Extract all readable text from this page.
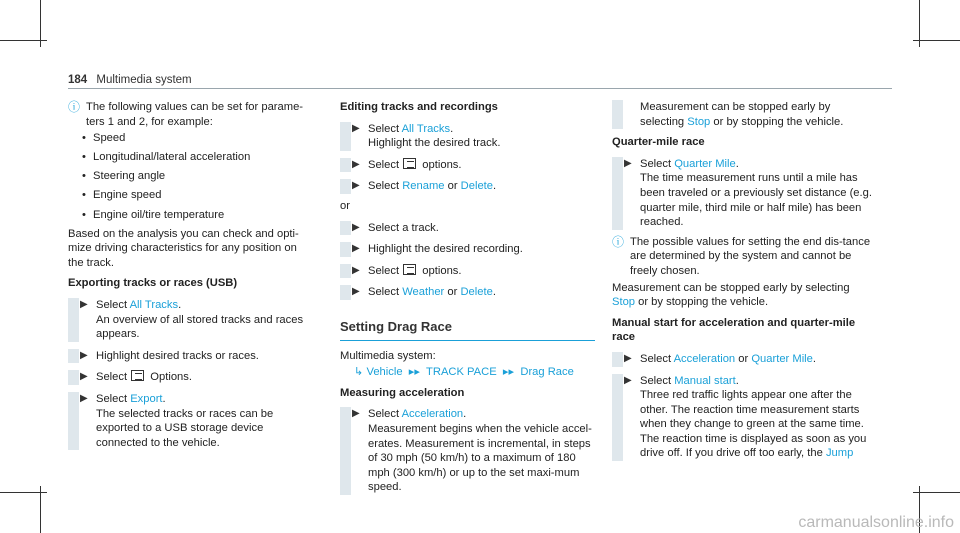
184 Multimedia system
ⓘ The following values can be set for parame-ters 1 and 2, for example:
• Speed
• Longitudinal/lateral acceleration
• Steering angle
• Engine speed
• Engine oil/tire temperature
Based on the analysis you can check and opti-mize driving characteristics for any position on the track.
Exporting tracks or races (USB)
▶ Select All Tracks.
An overview of all stored tracks and races appears.
▶ Highlight desired tracks or races.
▶ Select  Options.
▶ Select Export.
The selected tracks or races can be exported to a USB storage device connected to the vehicle.
Editing tracks and recordings
▶ Select All Tracks.
Highlight the desired track.
▶ Select  options.
▶ Select Rename or Delete.
or
▶ Select a track.
▶ Highlight the desired recording.
▶ Select  options.
▶ Select Weather or Delete.
Setting Drag Race
Multimedia system:
↳ Vehicle  ▸▸  TRACK PACE  ▸▸  Drag Race
Measuring acceleration
▶ Select Acceleration.
Measurement begins when the vehicle accel-erates. Measurement is incremental, in steps of 30 mph (50 km/h) to a maximum of 180 mph (300 km/h) or up to the set maxi-mum speed.
Measurement can be stopped early by selecting Stop or by stopping the vehicle.
Quarter-mile race
▶ Select Quarter Mile.
The time measurement runs until a mile has been traveled or a previously set distance (e.g. quarter mile, third mile or half mile) has been reached.
ⓘ The possible values for setting the end dis-tance are determined by the system and cannot be freely chosen.
Measurement can be stopped early by selecting Stop or by stopping the vehicle.
Manual start for acceleration and quarter-mile race
▶ Select Acceleration or Quarter Mile.
▶ Select Manual start.
Three red traffic lights appear one after the other. The reaction time measurement starts when they change to green at the same time. The reaction time is displayed as soon as you drive off. If you drive off too early, the Jump
carmanualsonline.info
